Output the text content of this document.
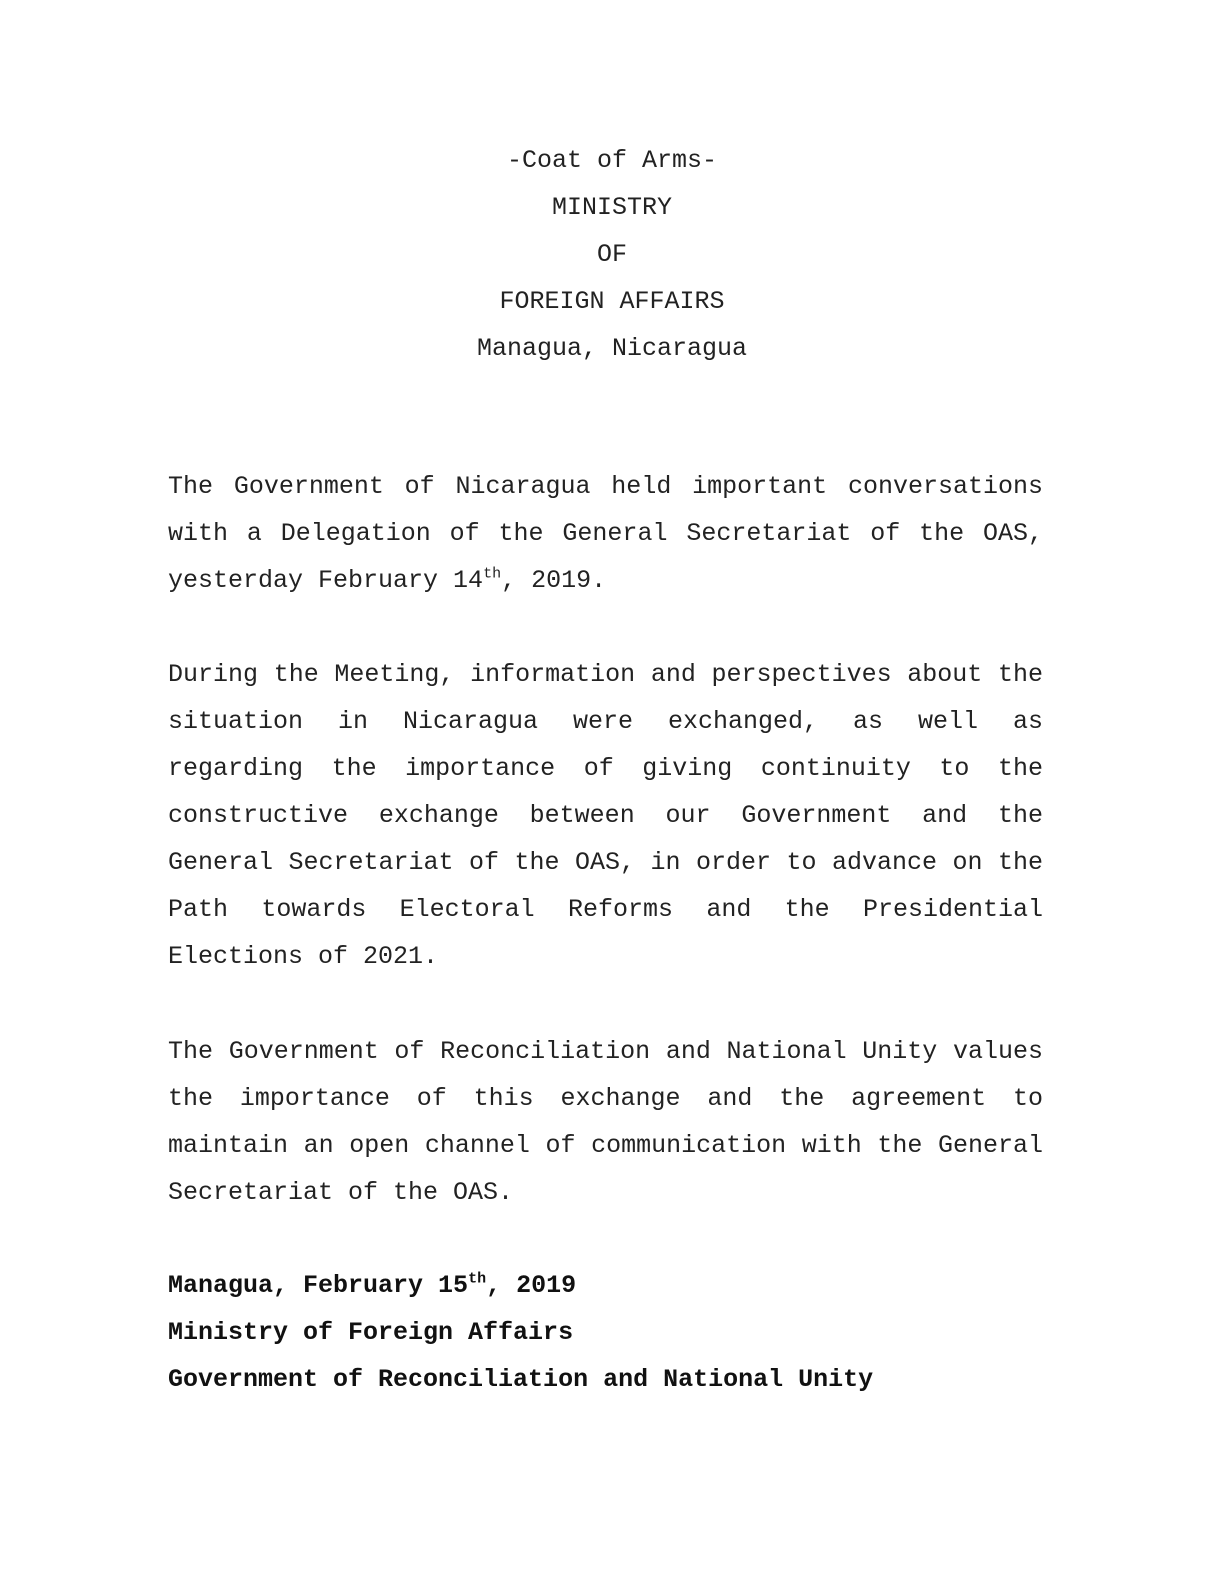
-Coat of Arms-
MINISTRY
OF
FOREIGN AFFAIRS
Managua, Nicaragua

The Government of Nicaragua held important conversations with a Delegation of the General Secretariat of the OAS, yesterday February 14th, 2019.

During the Meeting, information and perspectives about the situation in Nicaragua were exchanged, as well as regarding the importance of giving continuity to the constructive exchange between our Government and the General Secretariat of the OAS, in order to advance on the Path towards Electoral Reforms and the Presidential Elections of 2021.

The Government of Reconciliation and National Unity values the importance of this exchange and the agreement to maintain an open channel of communication with the General Secretariat of the OAS.

Managua, February 15th, 2019
Ministry of Foreign Affairs
Government of Reconciliation and National Unity
